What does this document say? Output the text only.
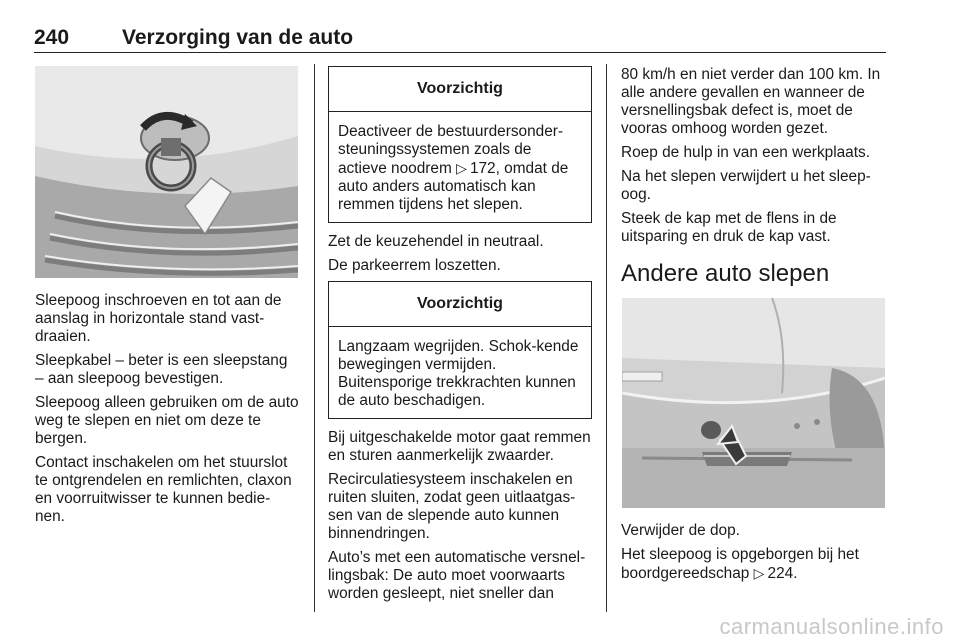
240	Verzorging van de auto

Sleepoog inschroeven en tot aan de aanslag in horizontale stand vast-draaien.

Sleepkabel – beter is een sleepstang – aan sleepoog bevestigen.

Sleepoog alleen gebruiken om de auto weg te slepen en niet om deze te bergen.

Contact inschakelen om het stuurslot te ontgrendelen en remlichten, claxon en voorruitwisser te kunnen bedie-nen.

Voorzichtig
Deactiveer de bestuurdersonder-steuningssystemen zoals de actieve noodrem ▷  172, omdat de auto anders automatisch kan remmen tijdens het slepen.

Zet de keuzehendel in neutraal.

De parkeerrem loszetten.

Voorzichtig
Langzaam wegrijden. Schok-kende bewegingen vermijden. Buitensporige trekkrachten kunnen de auto beschadigen.

Bij uitgeschakelde motor gaat remmen en sturen aanmerkelijk zwaarder.

Recirculatiesysteem inschakelen en ruiten sluiten, zodat geen uitlaatgas-sen van de slepende auto kunnen binnendringen.

Auto’s met een automatische versnel-lingsbak: De auto moet voorwaarts worden gesleept, niet sneller dan

80 km/h en niet verder dan 100 km. In alle andere gevallen en wanneer de versnellingsbak defect is, moet de vooras omhoog worden gezet.

Roep de hulp in van een werkplaats.

Na het slepen verwijdert u het sleep-oog.

Steek de kap met de flens in de uitsparing en druk de kap vast.

Andere auto slepen

Verwijder de dop.

Het sleepoog is opgeborgen bij het boordgereedschap ▷  224.

carmanualsonline.info
